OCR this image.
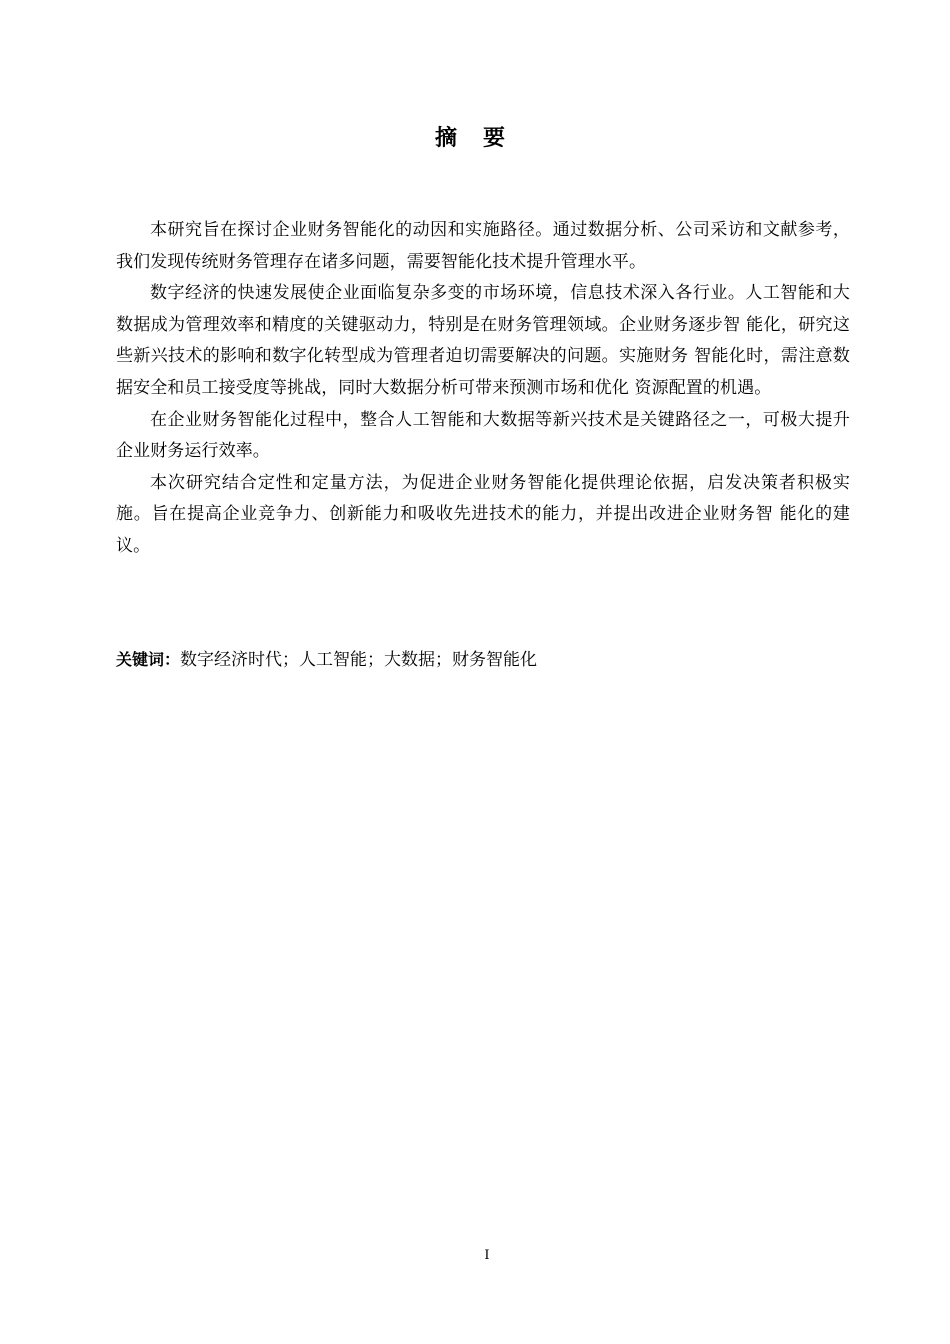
摘要

本研究旨在探讨企业财务智能化的动因和实施路径。通过数据分析、公司采访和文献参考，我们发现传统财务管理存在诸多问题，需要智能化技术提升管理水平。

数字经济的快速发展使企业面临复杂多变的市场环境，信息技术深入各行业。人工智能和大数据成为管理效率和精度的关键驱动力，特别是在财务管理领域。企业财务逐步智 能化，研究这些新兴技术的影响和数字化转型成为管理者迫切需要解决的问题。实施财务 智能化时，需注意数据安全和员工接受度等挑战，同时大数据分析可带来预测市场和优化 资源配置的机遇。

在企业财务智能化过程中，整合人工智能和大数据等新兴技术是关键路径之一，可极大提升企业财务运行效率。

本次研究结合定性和定量方法，为促进企业财务智能化提供理论依据，启发决策者积极实施。旨在提高企业竞争力、创新能力和吸收先进技术的能力，并提出改进企业财务智 能化的建议。

关键词：数字经济时代；人工智能；大数据；财务智能化
I
